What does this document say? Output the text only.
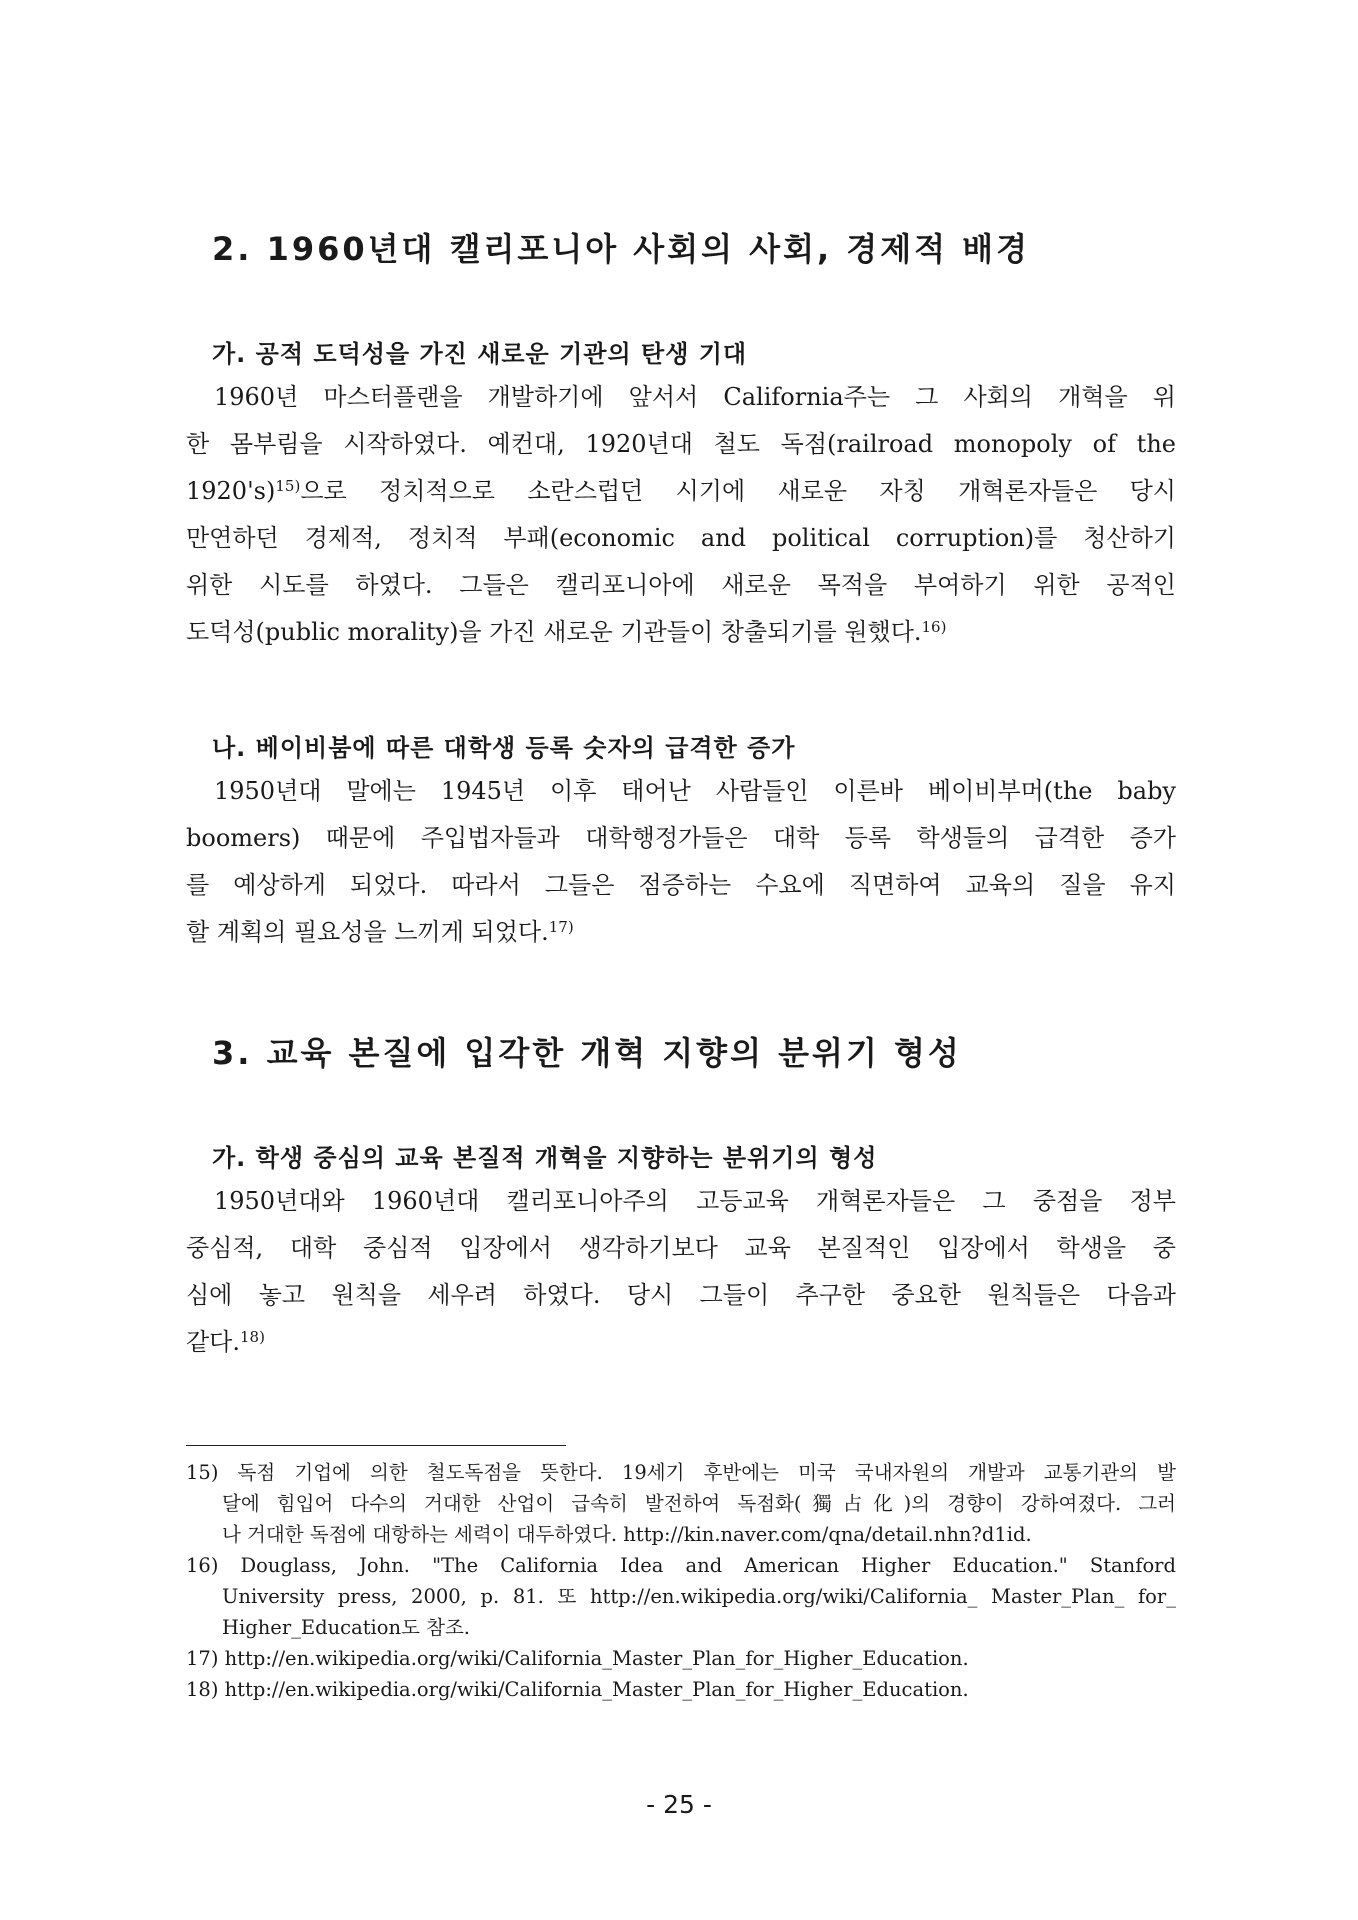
2. 1960년대 캘리포니아 사회의 사회, 경제적 배경
가. 공적 도덕성을 가진 새로운 기관의 탄생 기대
1960년 마스터플랜을 개발하기에 앞서서 California주는 그 사회의 개혁을 위
한 몸부림을 시작하였다. 예컨대, 1920년대 철도 독점(railroad monopoly of the
1920's)$^{15)}$으로 정치적으로 소란스럽던 시기에 새로운 자칭 개혁론자들은 당시
만연하던 경제적, 정치적 부패(economic and political corruption)를 청산하기
위한 시도를 하였다. 그들은 캘리포니아에 새로운 목적을 부여하기 위한 공적인
도덕성(public morality)을 가진 새로운 기관들이 창출되기를 원했다.$^{16)}$
나. 베이비붐에 따른 대학생 등록 숫자의 급격한 증가
1950년대 말에는 1945년 이후 태어난 사람들인 이른바 베이비부머(the baby
boomers) 때문에 주입법자들과 대학행정가들은 대학 등록 학생들의 급격한 증가
를 예상하게 되었다. 따라서 그들은 점증하는 수요에 직면하여 교육의 질을 유지
할 계획의 필요성을 느끼게 되었다.$^{17)}$
3. 교육 본질에 입각한 개혁 지향의 분위기 형성
가. 학생 중심의 교육 본질적 개혁을 지향하는 분위기의 형성
1950년대와 1960년대 캘리포니아주의 고등교육 개혁론자들은 그 중점을 정부
중심적, 대학 중심적 입장에서 생각하기보다 교육 본질적인 입장에서 학생을 중
심에 놓고 원칙을 세우려 하였다. 당시 그들이 추구한 중요한 원칙들은 다음과
같다.$^{18)}$
15) 독점 기업에 의한 철도독점을 뜻한다. 19세기 후반에는 미국 국내자원의 개발과 교통기관의 발
달에 힘입어 다수의 거대한 산업이 급속히 발전하여 독점화(獨占化)의 경향이 강하여졌다. 그러
나 거대한 독점에 대항하는 세력이 대두하였다. http://kin.naver.com/qna/detail.nhn?d1id.
16) Douglass, John. "The California Idea and American Higher Education." Stanford
University press, 2000, p. 81. 또 http://en.wikipedia.org/wiki/California_ Master_Plan_ for_
Higher_Education도 참조.
17) http://en.wikipedia.org/wiki/California_Master_Plan_for_Higher_Education.
18) http://en.wikipedia.org/wiki/California_Master_Plan_for_Higher_Education.
- 25 -
